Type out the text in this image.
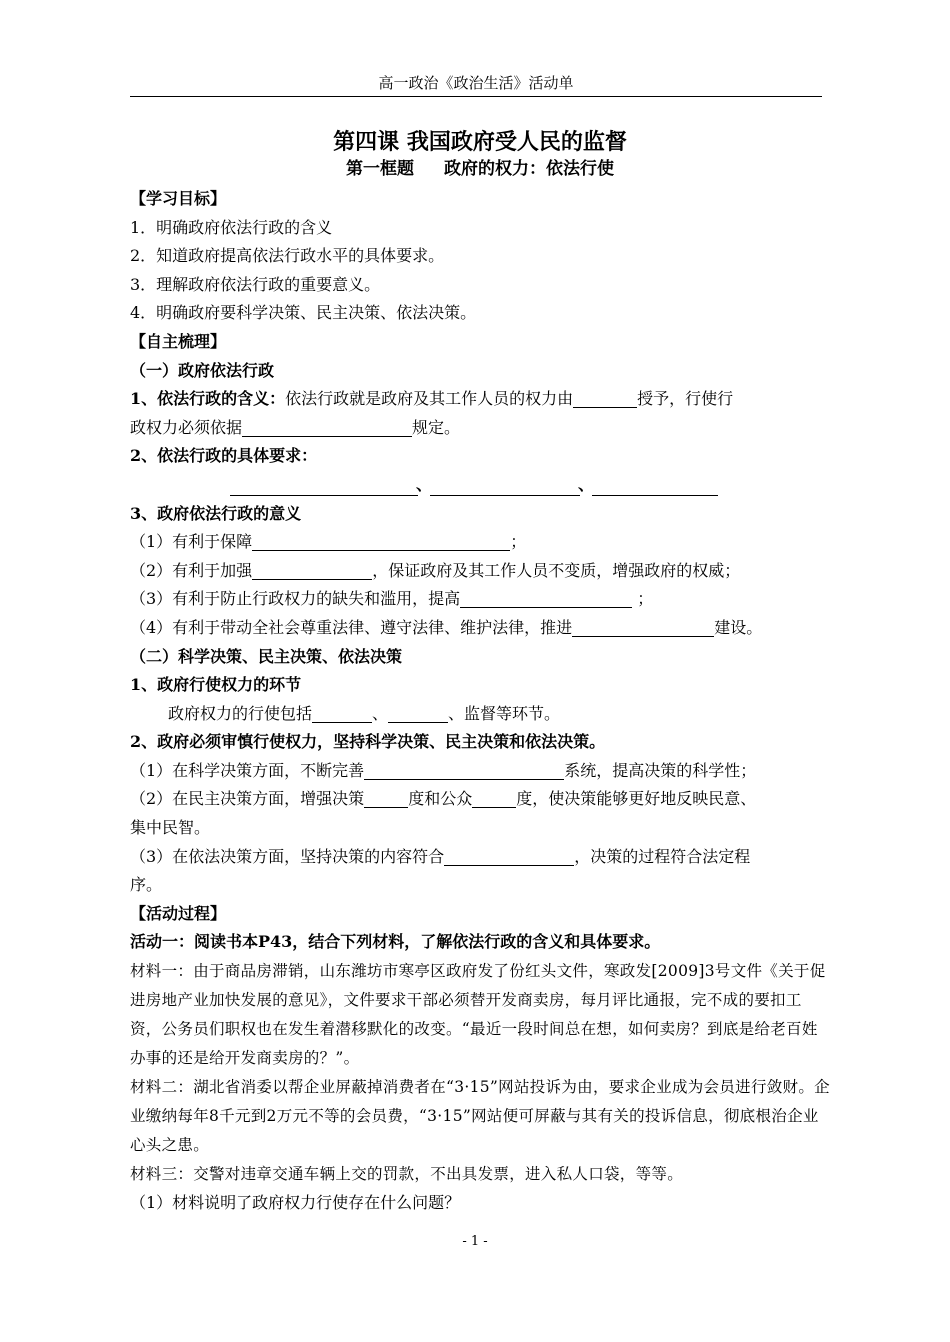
高一政治《政治生活》活动单

第四课 我国政府受人民的监督

第一框题 政府的权力：依法行使

【学习目标】

1．明确政府依法行政的含义

2．知道政府提高依法行政水平的具体要求。

3．理解政府依法行政的重要意义。

4．明确政府要科学决策、民主决策、依法决策。

【自主梳理】

（一）政府依法行政

1、依法行政的含义：依法行政就是政府及其工作人员的权力由	授予，行使行

政权力必须依据	规定。

2、依法行政的具体要求：

、	、

3、政府依法行政的意义

（1）有利于保障	；

（2）有利于加强	，保证政府及其工作人员不变质，增强政府的权威；

（3）有利于防止行政权力的缺失和滥用，提高	；

（4）有利于带动全社会尊重法律、遵守法律、维护法律，推进	建设。

（二）科学决策、民主决策、依法决策

1、政府行使权力的环节

政府权力的行使包括	、	、监督等环节。

2、政府必须审慎行使权力，坚持科学决策、民主决策和依法决策。

（1）在科学决策方面，不断完善	系统，提高决策的科学性；

（2）在民主决策方面，增强决策	度和公众	度，使决策能够更好地反映民意、

集中民智。

（3）在依法决策方面，坚持决策的内容符合	，决策的过程符合法定程

序。

【活动过程】

活动一：阅读书本P43，结合下列材料，了解依法行政的含义和具体要求。

材料一：由于商品房滞销，山东潍坊市寒亭区政府发了份红头文件，寒政发[2009]3号文件《关于促进房地产业加快发展的意见》，文件要求干部必须替开发商卖房，每月评比通报，完不成的要扣工资，公务员们职权也在发生着潜移默化的改变。“最近一段时间总在想，如何卖房？到底是给老百姓办事的还是给开发商卖房的？”。

材料二：湖北省消委以帮企业屏蔽掉消费者在“3·15”网站投诉为由，要求企业成为会员进行敛财。企业缴纳每年8千元到2万元不等的会员费，“3·15”网站便可屏蔽与其有关的投诉信息，彻底根治企业心头之患。

材料三：交警对违章交通车辆上交的罚款，不出具发票，进入私人口袋，等等。

（1）材料说明了政府权力行使存在什么问题？

- 1 -
